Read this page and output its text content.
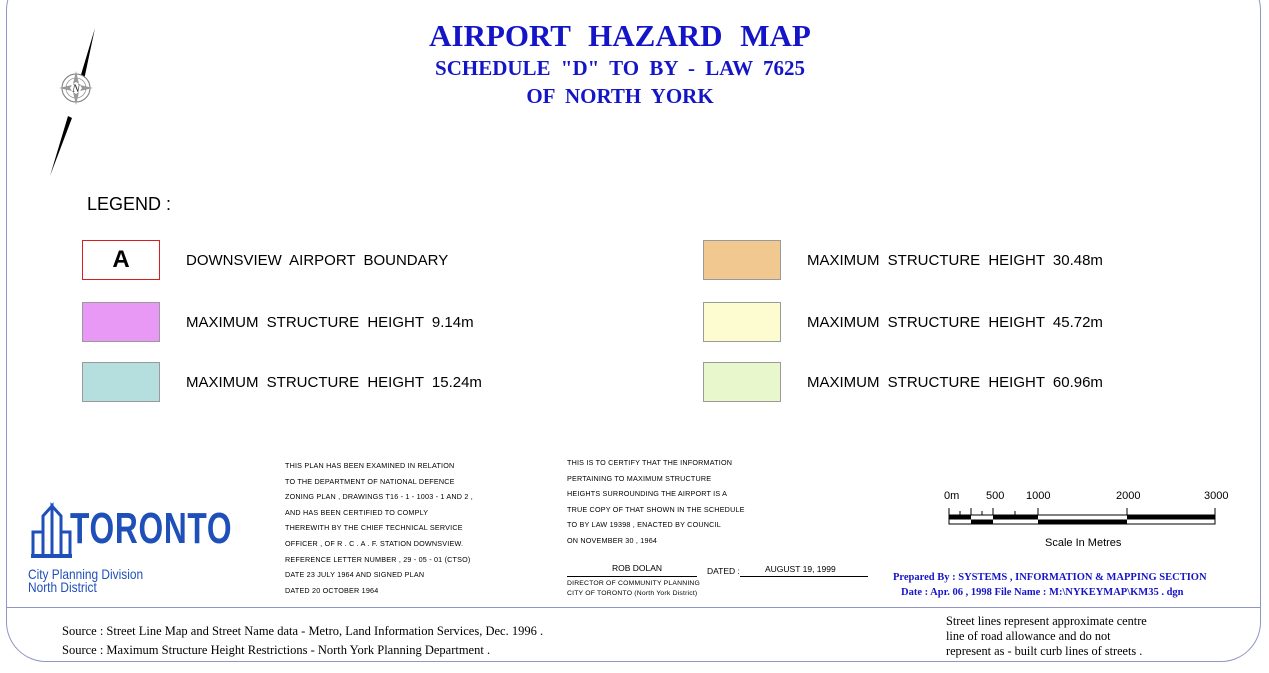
N
AIRPORT HAZARD MAP
SCHEDULE "D" TO BY - LAW 7625
OF NORTH YORK
LEGEND :
A	DOWNSVIEW AIRPORT BOUNDARY
MAXIMUM STRUCTURE HEIGHT 9.14m
MAXIMUM STRUCTURE HEIGHT 15.24m
MAXIMUM STRUCTURE HEIGHT 30.48m
MAXIMUM STRUCTURE HEIGHT 45.72m
MAXIMUM STRUCTURE HEIGHT 60.96m
THIS PLAN HAS BEEN EXAMINED IN RELATION
TO THE DEPARTMENT OF NATIONAL DEFENCE
ZONING PLAN , DRAWINGS T16 - 1 - 1003 - 1 AND 2 ,
AND HAS BEEN CERTIFIED TO COMPLY
THEREWITH BY THE CHIEF TECHNICAL SERVICE
OFFICER , OF R . C . A . F. STATION DOWNSVIEW.
REFERENCE LETTER NUMBER , 29 - 05 - 01 (CTSO)
DATE 23 JULY 1964 AND SIGNED PLAN
DATED 20 OCTOBER 1964
THIS IS TO CERTIFY THAT THE INFORMATION
PERTAINING TO MAXIMUM STRUCTURE
HEIGHTS SURROUNDING THE AIRPORT IS A
TRUE COPY OF THAT SHOWN IN THE SCHEDULE
TO BY LAW 19398 , ENACTED BY COUNCIL
ON NOVEMBER 30 , 1964
ROB DOLAN	DATED :	AUGUST 19, 1999
DIRECTOR OF COMMUNITY PLANNING
CITY OF TORONTO (North York District)
TORONTO
City Planning Division
North District
0m 500 1000	2000	3000
Scale In Metres
Prepared By : SYSTEMS , INFORMATION & MAPPING SECTION
Date : Apr. 06 , 1998 File Name : M:\NYKEYMAP\KM35 . dgn
Source : Street Line Map and Street Name data - Metro, Land Information Services, Dec. 1996 .
Source : Maximum Structure Height Restrictions - North York Planning Department .
Street lines represent approximate centre
line of road allowance and do not
represent as - built curb lines of streets .
